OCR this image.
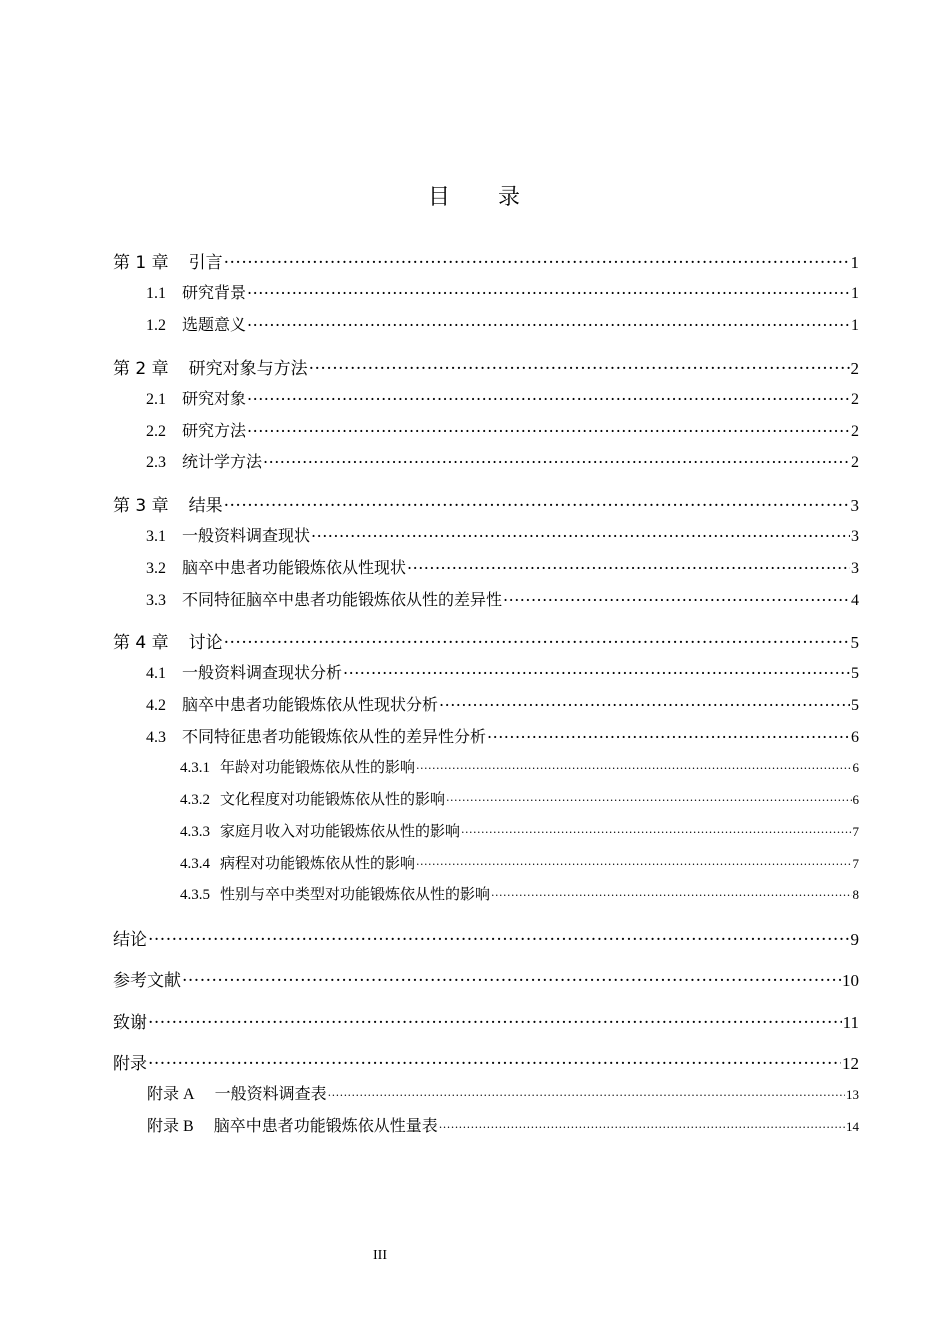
目 录
第 1 章 引言 .....	1
1.1 研究背景 .....	1
1.2 选题意义 .....	1
第 2 章 研究对象与方法 .....	2
2.1 研究对象 .....	2
2.2 研究方法 .....	2
2.3 统计学方法 .....	2
第 3 章 结果 .....	3
3.1 一般资料调查现状 .....	3
3.2 脑卒中患者功能锻炼依从性现状 .....	3
3.3 不同特征脑卒中患者功能锻炼依从性的差异性 .....	4
第 4 章 讨论 .....	5
4.1 一般资料调查现状分析 .....	5
4.2 脑卒中患者功能锻炼依从性现状分析 .....	5
4.3 不同特征患者功能锻炼依从性的差异性分析 .....	6
4.3.1 年龄对功能锻炼依从性的影响 .....	6
4.3.2 文化程度对功能锻炼依从性的影响 .....	6
4.3.3 家庭月收入对功能锻炼依从性的影响 .....	7
4.3.4 病程对功能锻炼依从性的影响 .....	7
4.3.5 性别与卒中类型对功能锻炼依从性的影响 .....	8
结论 .....	9
参考文献 .....	10
致谢 .....	11
附录 .....	12
附录 A 一般资料调查表 .....	13
附录 B 脑卒中患者功能锻炼依从性量表 .....	14
III
